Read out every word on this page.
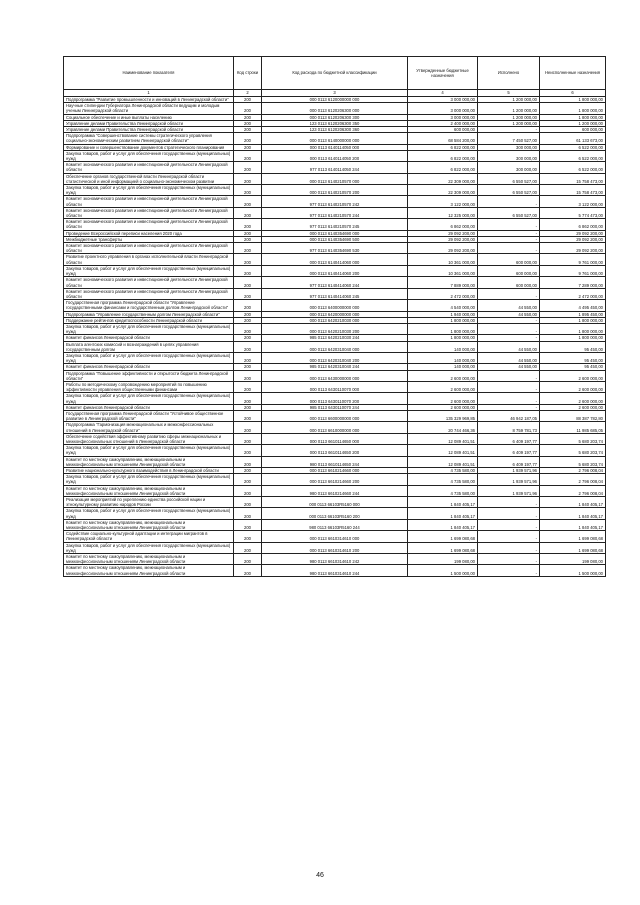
Наименование показателя	Код строки	Код расхода по бюджетной классификации	Утвержденные бюджетные назначения	Исполнено	Неисполненные назначения
1	2	3	4	5	6
Подпрограмма "Развитие промышленности и инноваций в Ленинградской области"	200	000 0113 6120000000 000	3 000 000,00	1 200 000,00	1 800 000,00
Научные стипендии Губернатора Ленинградской области ведущим и молодым ученым Ленинградской области	200	000 0113 6120206300 000	3 000 000,00	1 200 000,00	1 800 000,00
Социальное обеспечение и иные выплаты населению	200	000 0113 6120206300 300	3 000 000,00	1 200 000,00	1 800 000,00
Управление делами Правительства Ленинградской области	200	123 0113 6120206300 350	2 400 000,00	1 200 000,00	1 200 000,00
Управление делами Правительства Ленинградской области	200	123 0113 6120206300 360	600 000,00	-	600 000,00
Подпрограмма "Совершенствование системы стратегического управления социально-экономическим развитием Ленинградской области"	200	000 0113 6140000000 000	68 584 200,00	7 450 527,00	61 133 673,00
Формирование и совершенствование документов стратегического планирования	200	000 0113 6140114050 000	6 822 000,00	300 000,00	6 522 000,00
Закупка товаров, работ и услуг для обеспечения государственных (муниципальных) нужд	200	000 0113 6140114050 200	6 822 000,00	300 000,00	6 522 000,00
Комитет экономического развития и инвестиционной деятельности Ленинградской области	200	977 0113 6140114050 244	6 822 000,00	300 000,00	6 522 000,00
Обеспечение органов государственной власти Ленинградской области статистической и иной информацией о социально-экономическом развитии	200	000 0113 6140210570 000	22 309 000,00	6 550 527,00	15 758 473,00
Закупка товаров, работ и услуг для обеспечения государственных (муниципальных) нужд	200	000 0113 6140210570 200	22 309 000,00	6 550 527,00	15 758 473,00
Комитет экономического развития и инвестиционной деятельности Ленинградской области	200	977 0113 6140210570 242	3 122 000,00	-	3 122 000,00
Комитет экономического развития и инвестиционной деятельности Ленинградской области	200	977 0113 6140210570 244	12 325 000,00	6 550 527,00	5 774 473,00
Комитет экономического развития и инвестиционной деятельности Ленинградской области	200	977 0113 6140210570 245	6 862 000,00	-	6 862 000,00
Проведение Всероссийской переписи населения 2020 года	200	000 0113 6140354690 000	29 092 200,00	-	29 092 200,00
Межбюджетные трансферты	200	000 0113 6140354690 500	29 092 200,00	-	29 092 200,00
Комитет экономического развития и инвестиционной деятельности Ленинградской области	200	977 0113 6140354690 530	29 092 200,00	-	29 092 200,00
Развитие проектного управления в органах исполнительной власти Ленинградской области	200	000 0113 6140414060 000	10 361 000,00	600 000,00	9 761 000,00
Закупка товаров, работ и услуг для обеспечения государственных (муниципальных) нужд	200	000 0113 6140414060 200	10 361 000,00	600 000,00	9 761 000,00
Комитет экономического развития и инвестиционной деятельности Ленинградской области	200	977 0113 6140414060 244	7 889 000,00	600 000,00	7 289 000,00
Комитет экономического развития и инвестиционной деятельности Ленинградской области	200	977 0113 6140414060 245	2 472 000,00	-	2 472 000,00
Государственная программа Ленинградской области "Управление государственными финансами и государственным долгом Ленинградской области"	200	000 0113 6400000000 000	4 540 000,00	44 550,00	4 495 450,00
Подпрограмма "Управление государственным долгом Ленинградской области"	200	000 0113 6420000000 000	1 940 000,00	44 550,00	1 895 450,00
Поддержание рейтингов кредитоспособности Ленинградской области	200	000 0113 6420210030 000	1 800 000,00	-	1 800 000,00
Закупка товаров, работ и услуг для обеспечения государственных (муниципальных) нужд	200	000 0113 6420210030 200	1 800 000,00	-	1 800 000,00
Комитет финансов Ленинградской области	200	985 0113 6420210030 244	1 800 000,00	-	1 800 000,00
Выплата агентских комиссий и вознаграждений в целях управления государственным долгом	200	000 0113 6420310040 000	140 000,00	44 550,00	95 450,00
Закупка товаров, работ и услуг для обеспечения государственных (муниципальных) нужд	200	000 0113 6420310040 200	140 000,00	44 550,00	95 450,00
Комитет финансов Ленинградской области	200	985 0113 6420310040 244	140 000,00	44 550,00	95 450,00
Подпрограмма "Повышение эффективности и открытости бюджета Ленинградской области"	200	000 0113 6430000000 000	2 600 000,00	-	2 600 000,00
Работы по методическому сопровождению мероприятий по повышению эффективности управления общественными финансами	200	000 0113 6430110070 000	2 600 000,00	-	2 600 000,00
Закупка товаров, работ и услуг для обеспечения государственных (муниципальных) нужд	200	000 0113 6430110070 200	2 600 000,00	-	2 600 000,00
Комитет финансов Ленинградской области	200	985 0113 6430110070 244	2 600 000,00	-	2 600 000,00
Государственная программа Ленинградской области "Устойчивое общественное развитие в Ленинградской области"	200	000 0113 6600000000 000	135 329 969,85	46 942 187,05	88 387 782,80
Подпрограмма "Гармонизация межнациональных и межконфессиональных отношений в Ленинградской области"	200	000 0113 6610000000 000	20 744 466,36	8 759 781,73	11 985 685,05
Обеспечение содействия эффективному развитию сферы межнациональных и межконфессиональных отношений в Ленинградской области	200	000 0113 6610114650 000	12 089 401,51	6 409 197,77	5 680 203,74
Закупка товаров, работ и услуг для обеспечения государственных (муниципальных) нужд	200	000 0113 6610114650 200	12 089 401,51	6 409 197,77	5 680 203,74
Комитет по местному самоуправлению, межнациональным и межконфессиональным отношениям Ленинградской области	200	980 0113 6610114650 244	12 089 401,51	6 409 197,77	5 680 203,74
Развитие национально-культурного взаимодействия в Ленинградской области	200	000 0113 6610214660 000	4 735 580,00	1 939 571,96	2 796 008,04
Закупка товаров, работ и услуг для обеспечения государственных (муниципальных) нужд	200	000 0113 6610214660 200	4 735 580,00	1 939 571,96	2 796 008,04
Комитет по местному самоуправлению, межнациональным и межконфессиональным отношениям Ленинградской области	200	980 0113 6610214660 244	4 735 580,00	1 939 571,96	2 796 008,04
Реализация мероприятий по укреплению единства российской нации и этнокультурному развитию народов России	200	000 0113 66103R5160 000	1 840 405,17	-	1 840 405,17
Закупка товаров, работ и услуг для обеспечения государственных (муниципальных) нужд	200	000 0113 66103R5160 200	1 840 405,17	-	1 840 405,17
Комитет по местному самоуправлению, межнациональным и межконфессиональным отношениям Ленинградской области	200	980 0113 66103R5160 244	1 840 405,17	-	1 840 405,17
Содействие социально-культурной адаптации и интеграции мигрантов в Ленинградской области	200	000 0113 6610314610 000	1 699 080,68	-	1 699 080,68
Закупка товаров, работ и услуг для обеспечения государственных (муниципальных) нужд	200	000 0113 6610314610 200	1 699 080,68	-	1 699 080,68
Комитет по местному самоуправлению, межнациональным и межконфессиональным отношениям Ленинградской области	200	980 0113 6610314610 242	199 080,00	-	199 080,00
Комитет по местному самоуправлению, межнациональным и межконфессиональным отношениям Ленинградской области	200	980 0113 6610314610 244	1 500 000,00	-	1 500 000,00
46
